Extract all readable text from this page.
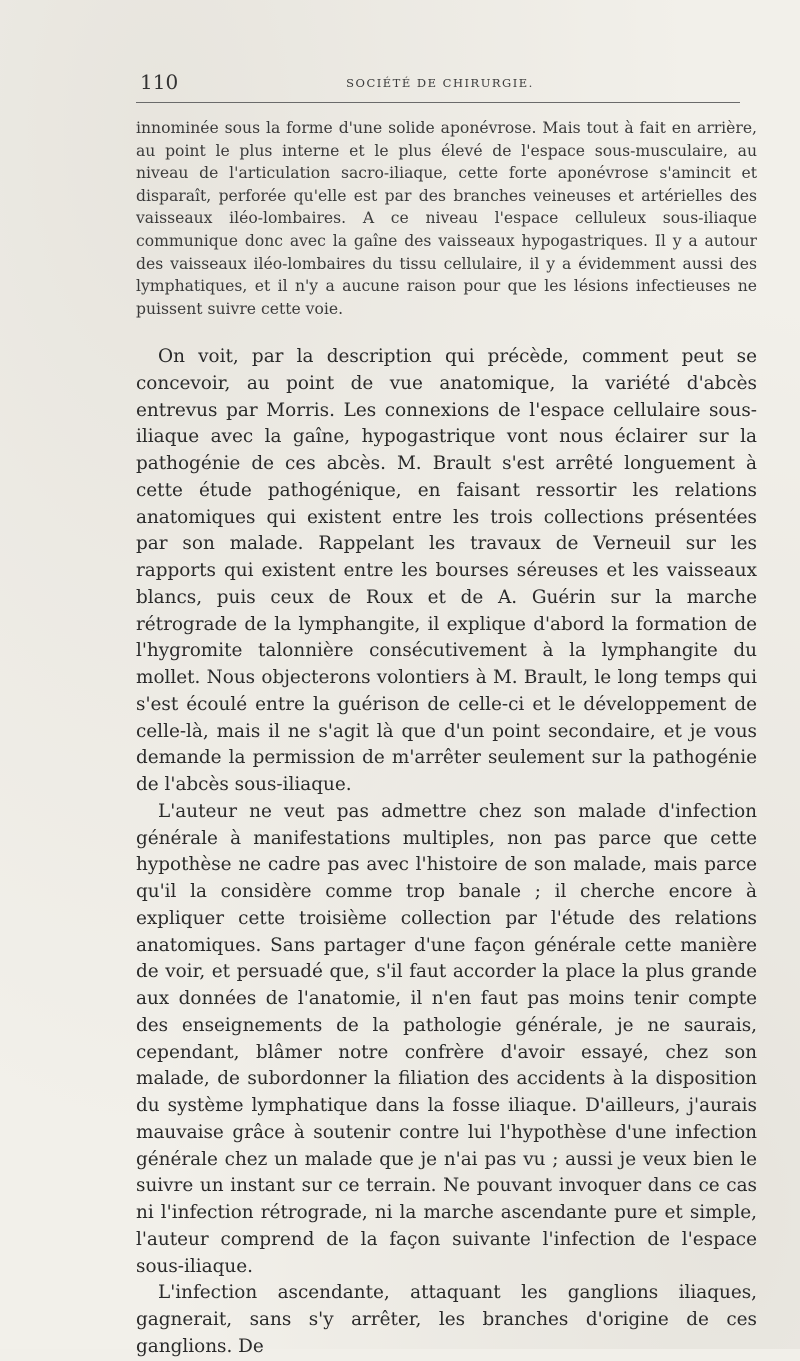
110	SOCIÉTÉ DE CHIRURGIE.

innominée sous la forme d'une solide aponévrose. Mais tout à fait en arrière, au point le plus interne et le plus élevé de l'espace sous-musculaire, au niveau de l'articulation sacro-iliaque, cette forte aponévrose s'amincit et disparaît, perforée qu'elle est par des branches veineuses et artérielles des vaisseaux iléo-lombaires. A ce niveau l'espace celluleux sous-iliaque communique donc avec la gaîne des vaisseaux hypogastriques. Il y a autour des vaisseaux iléo-lombaires du tissu cellulaire, il y a évidemment aussi des lymphatiques, et il n'y a aucune raison pour que les lésions infectieuses ne puissent suivre cette voie.

On voit, par la description qui précède, comment peut se concevoir, au point de vue anatomique, la variété d'abcès entrevus par Morris. Les connexions de l'espace cellulaire sous-iliaque avec la gaîne, hypogastrique vont nous éclairer sur la pathogénie de ces abcès. M. Brault s'est arrêté longuement à cette étude pathogénique, en faisant ressortir les relations anatomiques qui existent entre les trois collections présentées par son malade. Rappelant les travaux de Verneuil sur les rapports qui existent entre les bourses séreuses et les vaisseaux blancs, puis ceux de Roux et de A. Guérin sur la marche rétrograde de la lymphangite, il explique d'abord la formation de l'hygromite talonnière consécutivement à la lymphangite du mollet. Nous objecterons volontiers à M. Brault, le long temps qui s'est écoulé entre la guérison de celle-ci et le développement de celle-là, mais il ne s'agit là que d'un point secondaire, et je vous demande la permission de m'arrêter seulement sur la pathogénie de l'abcès sous-iliaque.

L'auteur ne veut pas admettre chez son malade d'infection générale à manifestations multiples, non pas parce que cette hypothèse ne cadre pas avec l'histoire de son malade, mais parce qu'il la considère comme trop banale ; il cherche encore à expliquer cette troisième collection par l'étude des relations anatomiques. Sans partager d'une façon générale cette manière de voir, et persuadé que, s'il faut accorder la place la plus grande aux données de l'anatomie, il n'en faut pas moins tenir compte des enseignements de la pathologie générale, je ne saurais, cependant, blâmer notre confrère d'avoir essayé, chez son malade, de subordonner la filiation des accidents à la disposition du système lymphatique dans la fosse iliaque. D'ailleurs, j'aurais mauvaise grâce à soutenir contre lui l'hypothèse d'une infection générale chez un malade que je n'ai pas vu ; aussi je veux bien le suivre un instant sur ce terrain. Ne pouvant invoquer dans ce cas ni l'infection rétrograde, ni la marche ascendante pure et simple, l'auteur comprend de la façon suivante l'infection de l'espace sous-iliaque.

L'infection ascendante, attaquant les ganglions iliaques, gagnerait, sans s'y arrêter, les branches d'origine de ces ganglions. De
